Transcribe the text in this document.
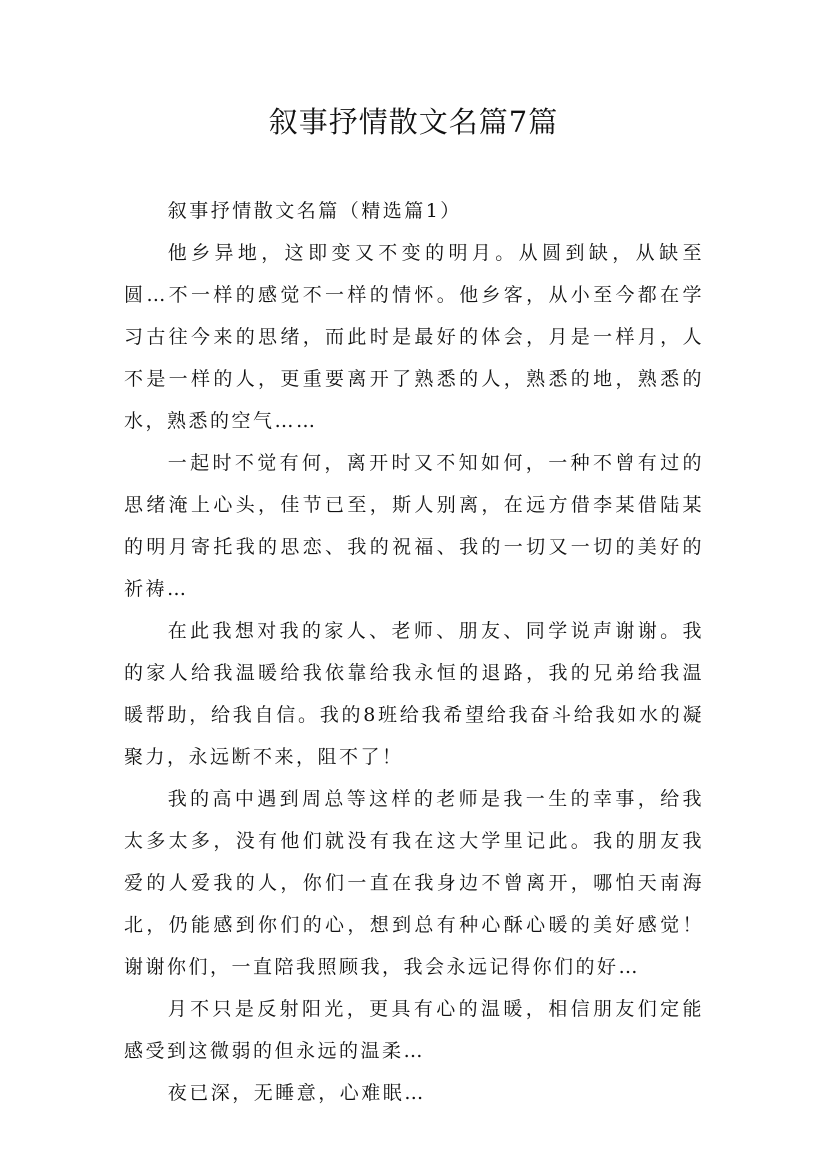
叙事抒情散文名篇7篇

叙事抒情散文名篇（精选篇1）

他乡异地，这即变又不变的明月。从圆到缺，从缺至圆…不一样的感觉不一样的情怀。他乡客，从小至今都在学习古往今来的思绪，而此时是最好的体会，月是一样月，人不是一样的人，更重要离开了熟悉的人，熟悉的地，熟悉的水，熟悉的空气……

一起时不觉有何，离开时又不知如何，一种不曾有过的思绪淹上心头，佳节已至，斯人别离，在远方借李某借陆某的明月寄托我的思恋、我的祝福、我的一切又一切的美好的祈祷…

在此我想对我的家人、老师、朋友、同学说声谢谢。我的家人给我温暖给我依靠给我永恒的退路，我的兄弟给我温暖帮助，给我自信。我的8班给我希望给我奋斗给我如水的凝聚力，永远断不来，阻不了！

我的高中遇到周总等这样的老师是我一生的幸事，给我太多太多，没有他们就没有我在这大学里记此。我的朋友我爱的人爱我的人，你们一直在我身边不曾离开，哪怕天南海北，仍能感到你们的心，想到总有种心酥心暖的美好感觉！谢谢你们，一直陪我照顾我，我会永远记得你们的好…

月不只是反射阳光，更具有心的温暖，相信朋友们定能感受到这微弱的但永远的温柔…

夜已深，无睡意，心难眠…
